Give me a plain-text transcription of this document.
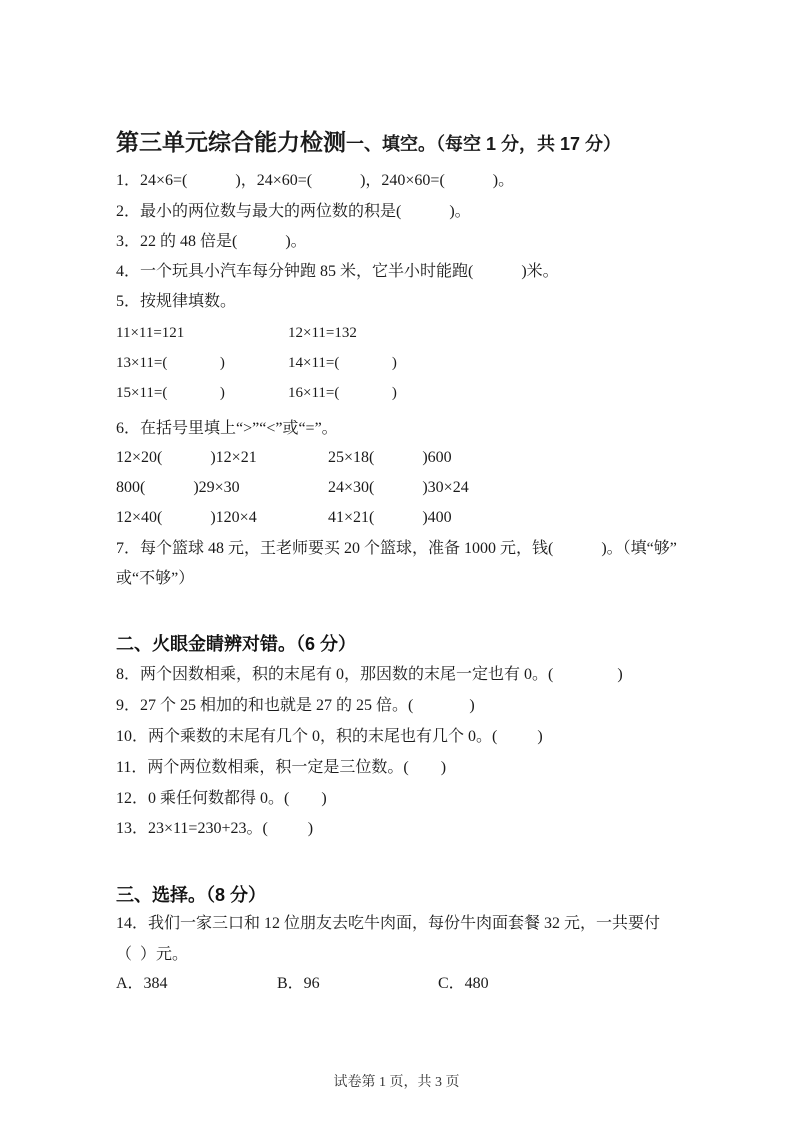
第三单元综合能力检测一、填空。（每空 1 分，共 17 分）
1．24×6=(            )，24×60=(            )，240×60=(            )。
2．最小的两位数与最大的两位数的积是(            )。
3．22 的 48 倍是(            )。
4．一个玩具小汽车每分钟跑 85 米，它半小时能跑(            )米。
5．按规律填数。
11×11=121	12×11=132
13×11=(              )	14×11=(              )
15×11=(              )	16×11=(              )
6．在括号里填上“>”“<”或“=”。
12×20(            )12×21	25×18(            )600
800(            )29×30	24×30(            )30×24
12×40(            )120×4	41×21(            )400
7．每个篮球 48 元，王老师要买 20 个篮球，准备 1000 元，钱(            )。（填“够”
或“不够”）
二、火眼金睛辨对错。（6 分）
8．两个因数相乘，积的末尾有 0，那因数的末尾一定也有 0。(                )
9．27 个 25 相加的和也就是 27 的 25 倍。(              )
10．两个乘数的末尾有几个 0，积的末尾也有几个 0。(          )
11．两个两位数相乘，积一定是三位数。(        )
12．0 乘任何数都得 0。(        )
13．23×11=230+23。(          )
三、选择。（8 分）
14．我们一家三口和 12 位朋友去吃牛肉面，每份牛肉面套餐 32 元，一共要付
（  ）元。
A．384	B．96	C．480
试卷第 1 页，共 3 页
